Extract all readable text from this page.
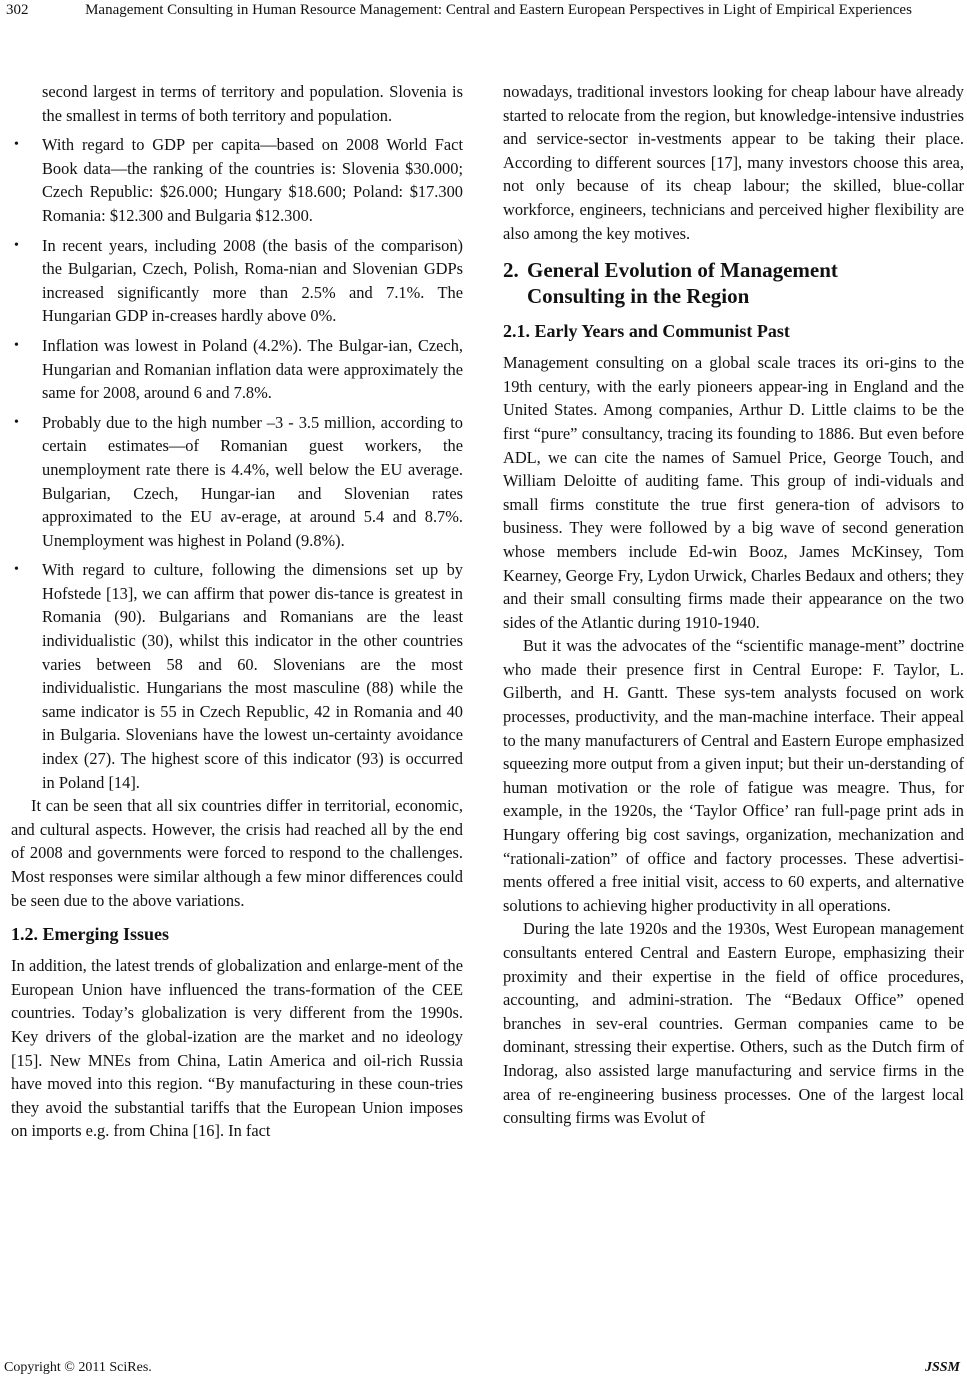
302	Management Consulting in Human Resource Management: Central and Eastern European Perspectives in Light of Empirical Experiences

second largest in terms of territory and population. Slovenia is the smallest in terms of both territory and population.

• With regard to GDP per capita—based on 2008 World Fact Book data—the ranking of the countries is: Slovenia $30.000; Czech Republic: $26.000; Hungary $18.600; Poland: $17.300 Romania: $12.300 and Bulgaria $12.300.
• In recent years, including 2008 (the basis of the comparison) the Bulgarian, Czech, Polish, Roma-nian and Slovenian GDPs increased significantly more than 2.5% and 7.1%. The Hungarian GDP in-creases hardly above 0%.
• Inflation was lowest in Poland (4.2%). The Bulgar-ian, Czech, Hungarian and Romanian inflation data were approximately the same for 2008, around 6 and 7.8%.
• Probably due to the high number –3 - 3.5 million, according to certain estimates—of Romanian guest workers, the unemployment rate there is 4.4%, well below the EU average. Bulgarian, Czech, Hungar-ian and Slovenian rates approximated to the EU av-erage, at around 5.4 and 8.7%. Unemployment was highest in Poland (9.8%).
• With regard to culture, following the dimensions set up by Hofstede [13], we can affirm that power dis-tance is greatest in Romania (90). Bulgarians and Romanians are the least individualistic (30), whilst this indicator in the other countries varies between 58 and 60. Slovenians are the most individualistic. Hungarians the most masculine (88) while the same indicator is 55 in Czech Republic, 42 in Romania and 40 in Bulgaria. Slovenians have the lowest un-certainty avoidance index (27). The highest score of this indicator (93) is occurred in Poland [14].

It can be seen that all six countries differ in territorial, economic, and cultural aspects. However, the crisis had reached all by the end of 2008 and governments were forced to respond to the challenges. Most responses were similar although a few minor differences could be seen due to the above variations.

1.2. Emerging Issues

In addition, the latest trends of globalization and enlarge-ment of the European Union have influenced the trans-formation of the CEE countries. Today’s globalization is very different from the 1990s. Key drivers of the global-ization are the market and no ideology [15]. New MNEs from China, Latin America and oil-rich Russia have moved into this region. “By manufacturing in these coun-tries they avoid the substantial tariffs that the European Union imposes on imports e.g. from China [16]. In fact

nowadays, traditional investors looking for cheap labour have already started to relocate from the region, but knowledge-intensive industries and service-sector in-vestments appear to be taking their place. According to different sources [17], many investors choose this area, not only because of its cheap labour; the skilled, blue-collar workforce, engineers, technicians and perceived higher flexibility are also among the key motives.

2. General Evolution of Management
Consulting in the Region
2.1. Early Years and Communist Past

Management consulting on a global scale traces its ori-gins to the 19th century, with the early pioneers appear-ing in England and the United States. Among companies, Arthur D. Little claims to be the first “pure” consultancy, tracing its founding to 1886. But even before ADL, we can cite the names of Samuel Price, George Touch, and William Deloitte of auditing fame. This group of indi-viduals and small firms constitute the true first genera-tion of advisors to business. They were followed by a big wave of second generation whose members include Ed-win Booz, James McKinsey, Tom Kearney, George Fry, Lydon Urwick, Charles Bedaux and others; they and their small consulting firms made their appearance on the two sides of the Atlantic during 1910-1940.

But it was the advocates of the “scientific manage-ment” doctrine who made their presence first in Central Europe: F. Taylor, L. Gilberth, and H. Gantt. These sys-tem analysts focused on work processes, productivity, and the man-machine interface. Their appeal to the many manufacturers of Central and Eastern Europe emphasized squeezing more output from a given input; but their un-derstanding of human motivation or the role of fatigue was meagre. Thus, for example, in the 1920s, the ‘Taylor Office’ ran full-page print ads in Hungary offering big cost savings, organization, mechanization and “rationali-zation” of office and factory processes. These advertisi-ments offered a free initial visit, access to 60 experts, and alternative solutions to achieving higher productivity in all operations.

During the late 1920s and the 1930s, West European management consultants entered Central and Eastern Europe, emphasizing their proximity and their expertise in the field of office procedures, accounting, and admini-stration. The “Bedaux Office” opened branches in sev-eral countries. German companies came to be dominant, stressing their expertise. Others, such as the Dutch firm of Indorag, also assisted large manufacturing and service firms in the area of re-engineering business processes. One of the largest local consulting firms was Evolut of

Copyright © 2011 SciRes.	JSSM
